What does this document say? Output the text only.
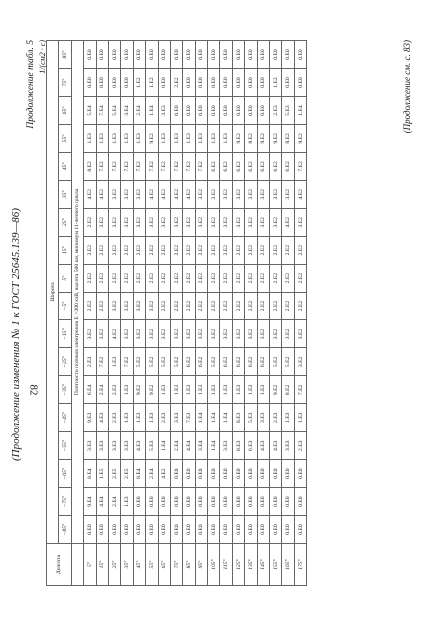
(Продолжение изменения № 1 к ГОСТ 25645.139—86)
Продолжение табл. 5 1/(см2 · с)
Долгота	Широта																	
	−85°	−75°	−65°	−55°	−45°	−35°	−25°	−15°	−5°	5°	15°	25°	35°	45°	55°	65°	75°	85°
	Плотности потоков электронов Е >300 кэВ, высота 500 км, минимум 11-летнего цикла																	
5°	0.E0	9.E4	8.E4	3.E3	9.E3	6.E4	2.E3	3.E2	2.E2	2.E2	2.E2	2.E2	4.E2	8.E2	1.E3	5.E4	0.E0	0.E0
15°	0.E0	4.E4	1.E5	3.E3	4.E3	2.E4	7.E2	3.E2	2.E2	2.E2	2.E2	3.E2	4.E2	7.E2	1.E3	7.E4	0.E0	0.E0
25°	0.E0	2.E4	2.E5	3.E3	2.E3	2.E3	1.E3	4.E2	3.E2	2.E2	2.E2	3.E2	3.E2	7.E2	1.E3	5.E4	0.E0	0.E0
35°	0.E0	1.E3	2.E5	3.E3	1.E3	1.E3	7.E2	3.E2	3.E2	2.E2	2.E2	3.E2	3.E2	7.E2	1.E3	3.E4	0.E0	0.E0
45°	0.E0	0.E0	8.E4	4.E3	1.E3	9.E2	5.E2	3.E2	3.E2	2.E2	2.E2	3.E2	3.E2	7.E2	1.E3	2.E4	1.E2	0.E0
55°	0.E0	0.E0	2.E4	5.E3	1.E3	9.E2	5.E2	3.E2	3.E2	2.E2	2.E2	3.E2	4.E2	7.E2	9.E2	1.E4	1.E2	0.E0
65°	0.E0	0.E0	4.E2	1.E4	2.E3	1.E3	5.E2	3.E2	2.E2	2.E2	2.E2	3.E2	4.E2	7.E2	1.E3	3.E3	0.E0	0.E0
75°	0.E0	0.E0	0.E0	2.E4	3.E3	1.E3	5.E2	3.E2	2.E2	2.E2	2.E2	3.E2	4.E2	7.E2	1.E3	0.E0	2.E2	0.E0
85°	0.E0	0.E0	0.E0	4.E4	7.E3	1.E3	6.E2	3.E2	2.E2	2.E2	2.E2	3.E2	4.E2	7.E2	1.E3	0.E0	0.E0	0.E0
95°	0.E0	0.E0	0.E0	3.E4	1.E4	1.E3	6.E2	3.E2	2.E2	2.E2	2.E2	3.E2	3.E2	7.E2	1.E3	0.E0	0.E0	0.E0
105°	0.E0	0.E0	0.E0	1.E4	1.E4	1.E3	5.E2	3.E2	2.E2	2.E2	2.E2	3.E2	3.E2	6.E2	1.E3	0.E0	0.E0	0.E0
115°	0.E0	0.E0	0.E0	3.E3	1.E4	1.E3	6.E2	3.E2	2.E2	2.E2	2.E2	3.E2	3.E2	6.E2	1.E3	0.E0	0.E0	0.E0
125°	0.E0	0.E0	0.E0	8.E3	8.E3	1.E3	6.E2	3.E2	2.E2	2.E2	2.E2	3.E2	3.E2	6.E2	9.E2	0.E0	0.E0	0.E0
135°	0.E0	0.E0	0.E0	6.E3	5.E3	1.E3	6.E2	3.E2	2.E2	2.E2	2.E2	3.E2	3.E2	6.E2	8.E2	0.E0	0.E0	0.E0
145°	0.E0	0.E0	0.E0	4.E3	3.E3	1.E3	6.E2	3.E2	2.E2	2.E2	2.E2	3.E2	3.E2	6.E2	9.E2	0.E0	0.E0	0.E0
155°	0.E0	0.E0	0.E0	4.E3	2.E3	9.E2	5.E2	3.E2	2.E2	2.E2	2.E2	3.E2	3.E2	6.E2	9.E2	2.E3	1.E2	0.E0
165°	0.E0	0.E0	0.E0	3.E3	1.E3	8.E2	5.E2	3.E2	2.E2	2.E2	2.E2	4.E2	3.E2	6.E2	8.E2	5.E3	0.E0	0.E0
175°	0.E0	0.E0	0.E0	2.E3	1.E3	7.E2	3.E2	3.E2	2.E2	2.E2	2.E2	3.E2	4.E2	7.E2	9.E2	1.E4	0.E0	0.E0	(Продолжение см. с. 83)
82
